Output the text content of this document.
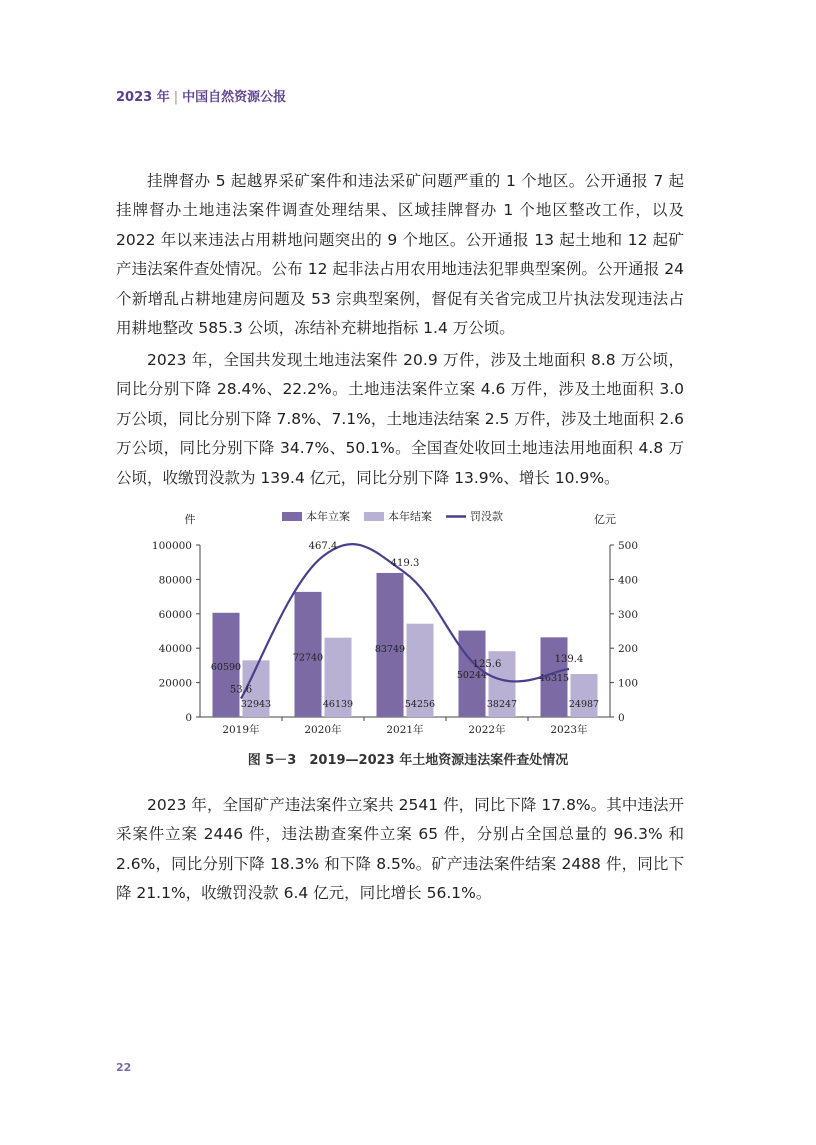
2023 年 | 中国自然资源公报
挂牌督办 5 起越界采矿案件和违法采矿问题严重的 1 个地区。公开通报 7 起挂牌督办土地违法案件调查处理结果、区域挂牌督办 1 个地区整改工作，以及 2022 年以来违法占用耕地问题突出的 9 个地区。公开通报 13 起土地和 12 起矿产违法案件查处情况。公布 12 起非法占用农用地违法犯罪典型案例。公开通报 24 个新增乱占耕地建房问题及 53 宗典型案例，督促有关省完成卫片执法发现违法占用耕地整改 585.3 公顷，冻结补充耕地指标 1.4 万公顷。
2023 年，全国共发现土地违法案件 20.9 万件，涉及土地面积 8.8 万公顷，同比分别下降 28.4%、22.2%。土地违法案件立案 4.6 万件，涉及土地面积 3.0 万公顷，同比分别下降 7.8%、7.1%，土地违法结案 2.5 万件，涉及土地面积 2.6 万公顷，同比分别下降 34.7%、50.1%。全国查处收回土地违法用地面积 4.8 万公顷，收缴罚没款为 139.4 亿元，同比分别下降 13.9%、增长 10.9%。
0
20000
40000
60000
80000
100000
0
100
200
300
400
500
件	亿元
2019年	2020年	2021年	2022年	2023年
60590
72740
83749
50244	46315
32943	46139	54256	38247	24987
53.6
467.4
419.3
125.6	139.4
本年立案	本年结案	罚没款
图 5－3　2019—2023 年土地资源违法案件查处情况
2023 年，全国矿产违法案件立案共 2541 件，同比下降 17.8%。其中违法开采案件立案 2446 件，违法勘查案件立案 65 件，分别占全国总量的 96.3% 和 2.6%，同比分别下降 18.3% 和下降 8.5%。矿产违法案件结案 2488 件，同比下降 21.1%，收缴罚没款 6.4 亿元，同比增长 56.1%。
22
